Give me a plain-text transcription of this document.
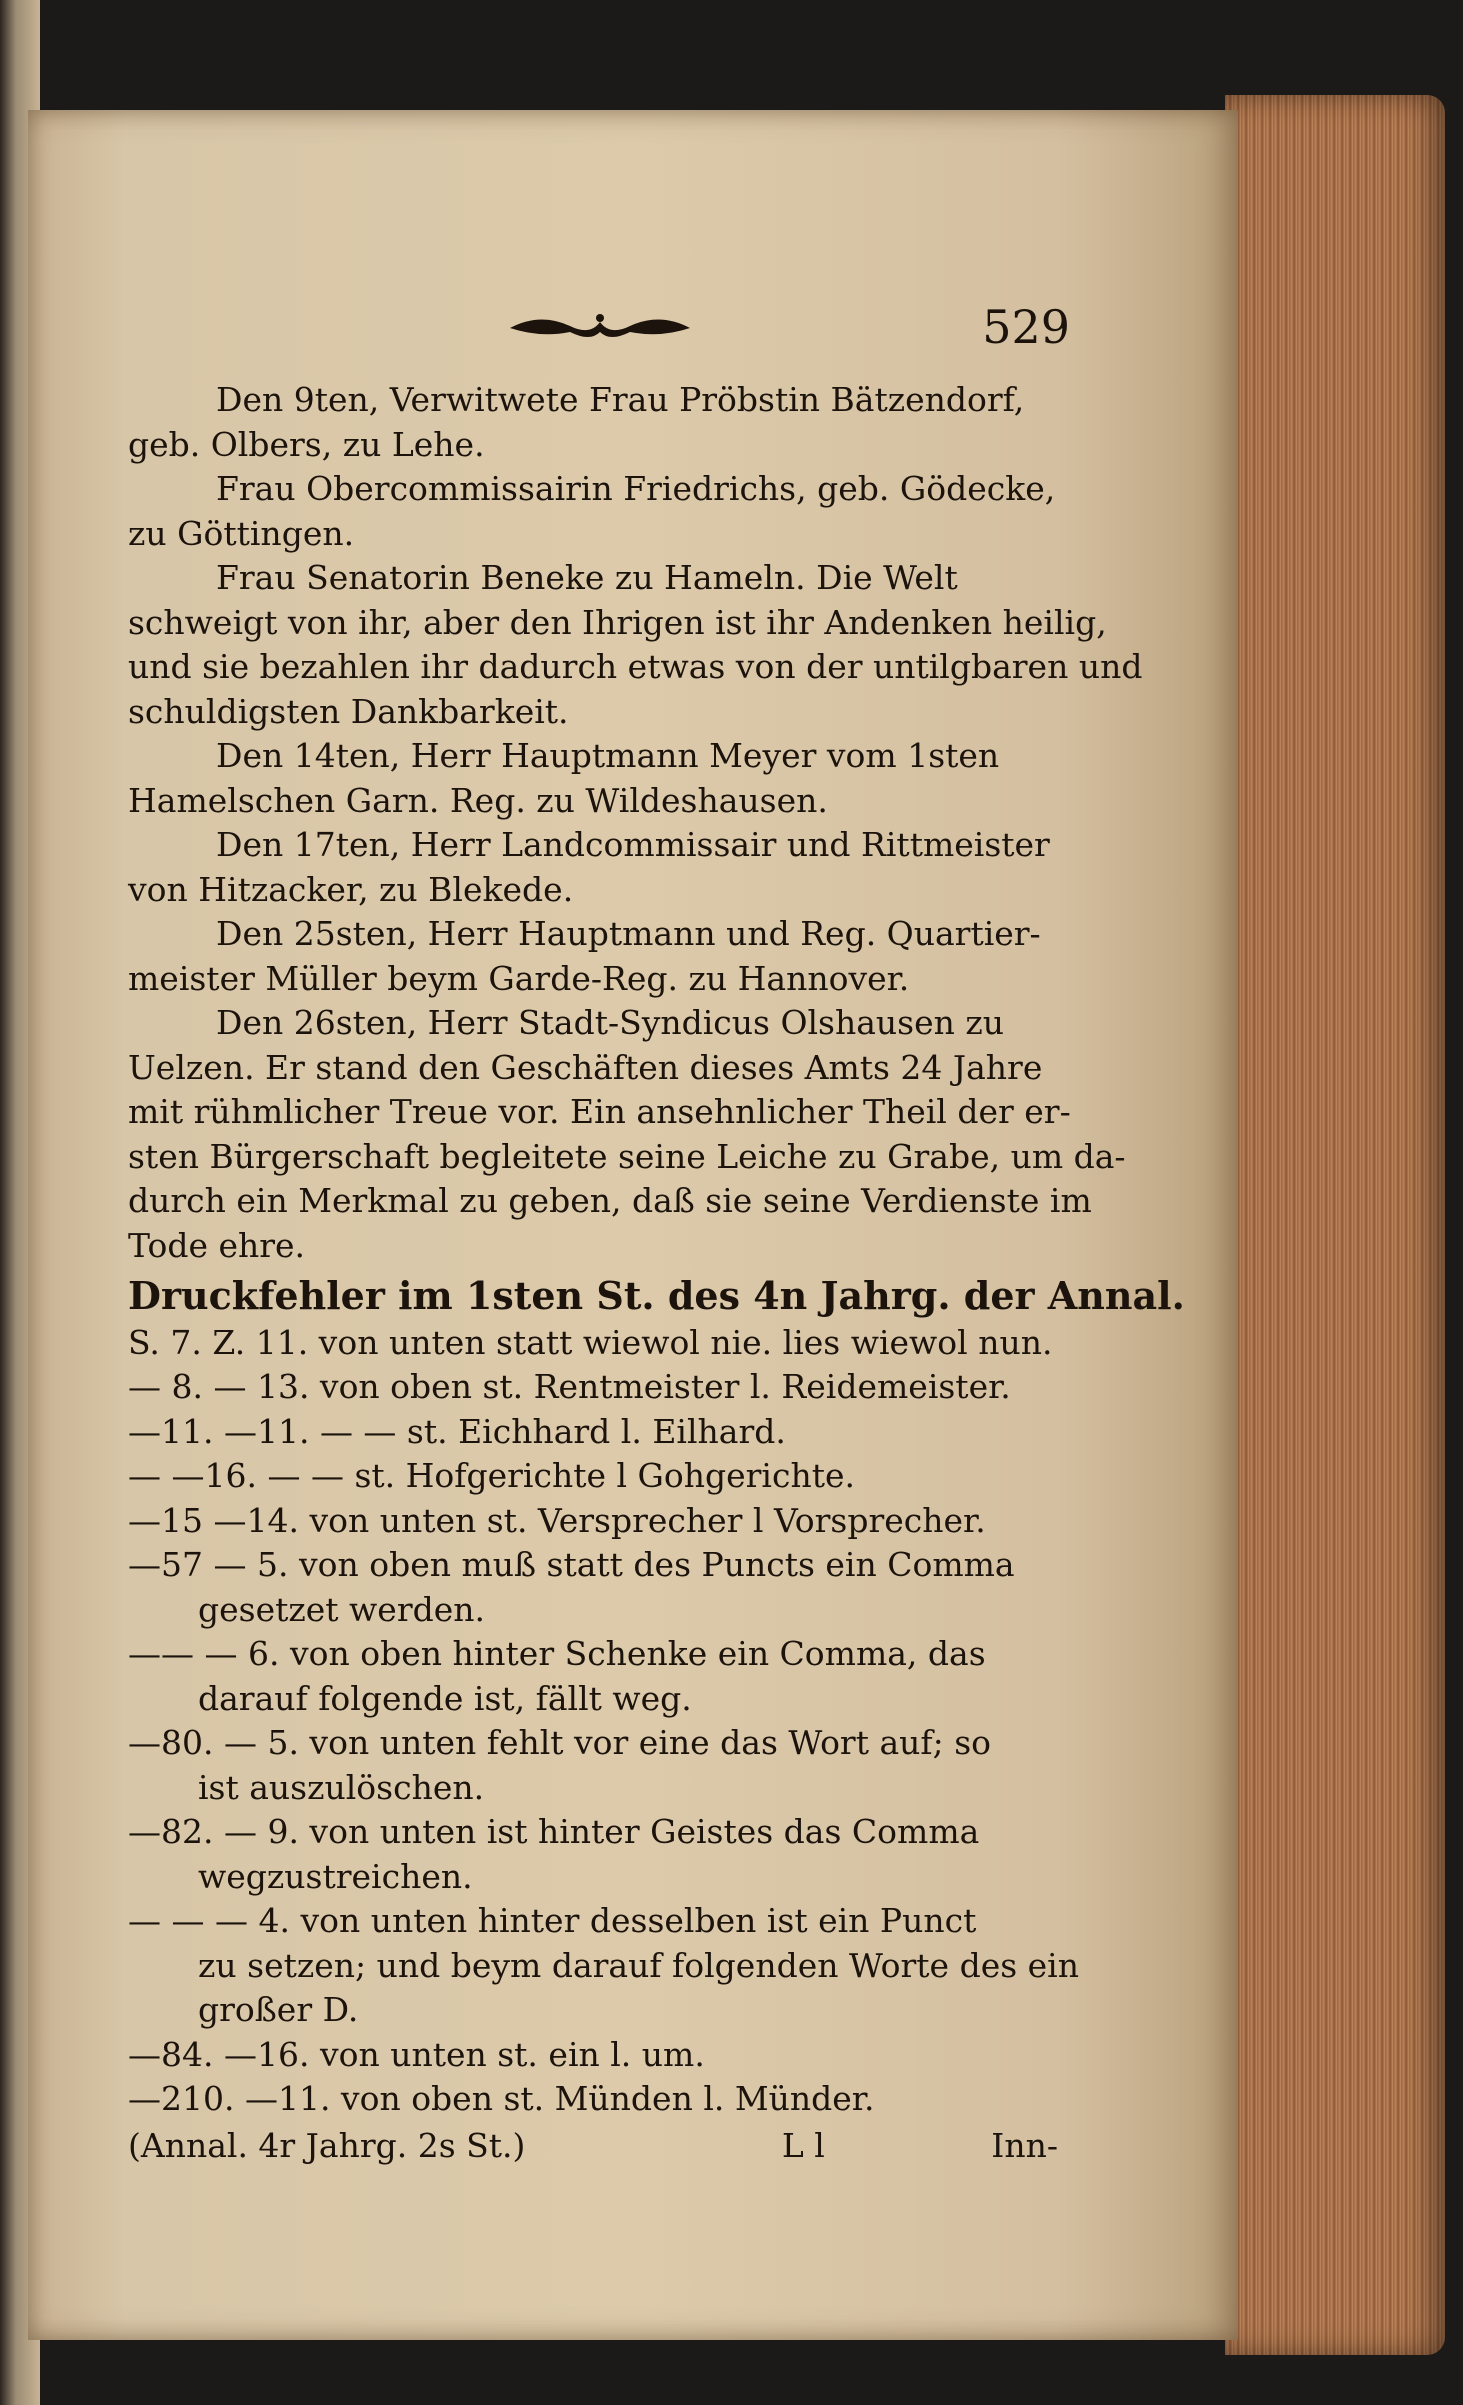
529

Den 9ten, Verwitwete Frau Pröbstin Bätzendorf,

geb. Olbers, zu Lehe.

Frau Obercommissairin Friedrichs, geb. Gödecke,

zu Göttingen.

Frau Senatorin Beneke zu Hameln. Die Welt

schweigt von ihr, aber den Ihrigen ist ihr Andenken heilig,

und sie bezahlen ihr dadurch etwas von der untilgbaren und

schuldigsten Dankbarkeit.

Den 14ten, Herr Hauptmann Meyer vom 1sten

Hamelschen Garn. Reg. zu Wildeshausen.

Den 17ten, Herr Landcommissair und Rittmeister

von Hitzacker, zu Blekede.

Den 25sten, Herr Hauptmann und Reg. Quartier-

meister Müller beym Garde-Reg. zu Hannover.

Den 26sten, Herr Stadt-Syndicus Olshausen zu

Uelzen. Er stand den Geschäften dieses Amts 24 Jahre

mit rühmlicher Treue vor. Ein ansehnlicher Theil der er-

sten Bürgerschaft begleitete seine Leiche zu Grabe, um da-

durch ein Merkmal zu geben, daß sie seine Verdienste im

Tode ehre.

Druckfehler im 1sten St. des 4n Jahrg. der Annal.

S. 7. Z. 11. von unten statt wiewol nie. lies wiewol nun.

— 8. — 13. von oben st. Rentmeister l. Reidemeister.

—11. —11. — — st. Eichhard l. Eilhard.

— —16. — — st. Hofgerichte l Gohgerichte.

—15 —14. von unten st. Versprecher l Vorsprecher.

—57 — 5. von oben muß statt des Puncts ein Comma

gesetzet werden.

—— — 6. von oben hinter Schenke ein Comma, das

darauf folgende ist, fällt weg.

—80. — 5. von unten fehlt vor eine das Wort auf; so

ist auszulöschen.

—82. — 9. von unten ist hinter Geistes das Comma

wegzustreichen.

— — — 4. von unten hinter desselben ist ein Punct

zu setzen; und beym darauf folgenden Worte des ein

großer D.

—84. —16. von unten st. ein l. um.

—210. —11. von oben st. Münden l. Münder.

(Annal. 4r Jahrg. 2s St.)	L l	Inn-
